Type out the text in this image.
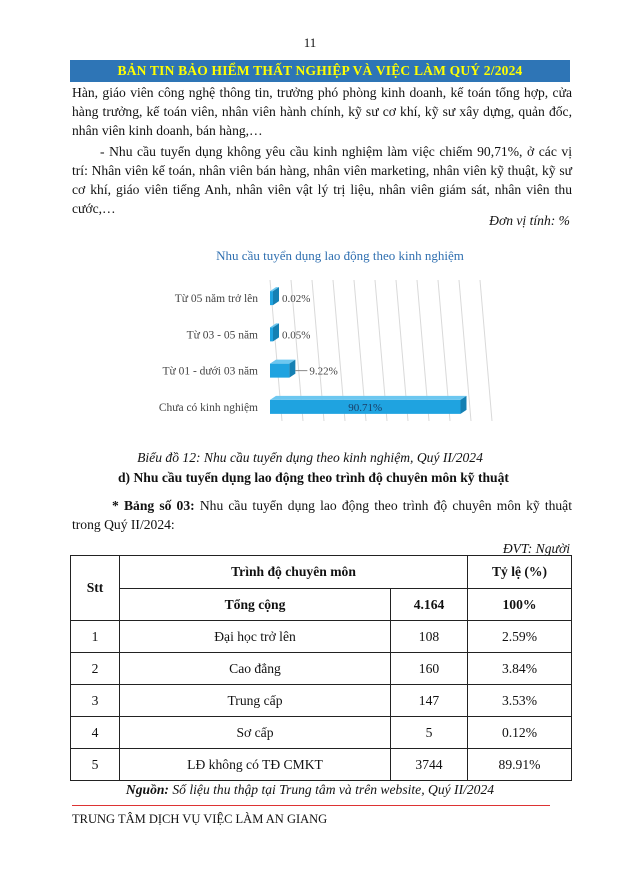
11
BẢN TIN BẢO HIỂM THẤT NGHIỆP VÀ VIỆC LÀM QUÝ 2/2024

Hàn, giáo viên công nghệ thông tin, trưởng phó phòng kinh doanh, kế toán tổng hợp, cửa hàng trưởng, kế toán viên, nhân viên hành chính, kỹ sư cơ khí, kỹ sư xây dựng, quản đốc, nhân viên kinh doanh, bán hàng,…

- Nhu cầu tuyển dụng không yêu cầu kinh nghiệm làm việc chiếm 90,71%, ở các vị trí: Nhân viên kế toán, nhân viên bán hàng, nhân viên marketing, nhân viên kỹ thuật, kỹ sư cơ khí, giáo viên tiếng Anh, nhân viên vật lý trị liệu, nhân viên giám sát, nhân viên thu cước,…

Đơn vị tính: %
Nhu cầu tuyển dụng lao động theo kinh nghiệm
Từ 05 năm trở lên
Từ 03 - 05 năm
Từ 01 - dưới 03 năm
Chưa có kinh nghiệm
0.02%
0.05%
9.22%
90.71%
Biểu đồ 12: Nhu cầu tuyển dụng theo kinh nghiệm, Quý II/2024
d) Nhu cầu tuyển dụng lao động theo trình độ chuyên môn kỹ thuật

* Bảng số 03: Nhu cầu tuyển dụng lao động theo trình độ chuyên môn kỹ thuật trong Quý II/2024:

ĐVT: Người
Stt	Trình độ chuyên môn		Tỷ lệ (%)
	Tổng cộng	4.164	100%
1	Đại học trở lên	108	2.59%
2	Cao đẳng	160	3.84%
3	Trung cấp	147	3.53%
4	Sơ cấp	5	0.12%
5	LĐ không có TĐ CMKT	3744	89.91%
Nguồn: Số liệu thu thập tại Trung tâm và trên website, Quý II/2024
TRUNG TÂM DỊCH VỤ VIỆC LÀM AN GIANG
